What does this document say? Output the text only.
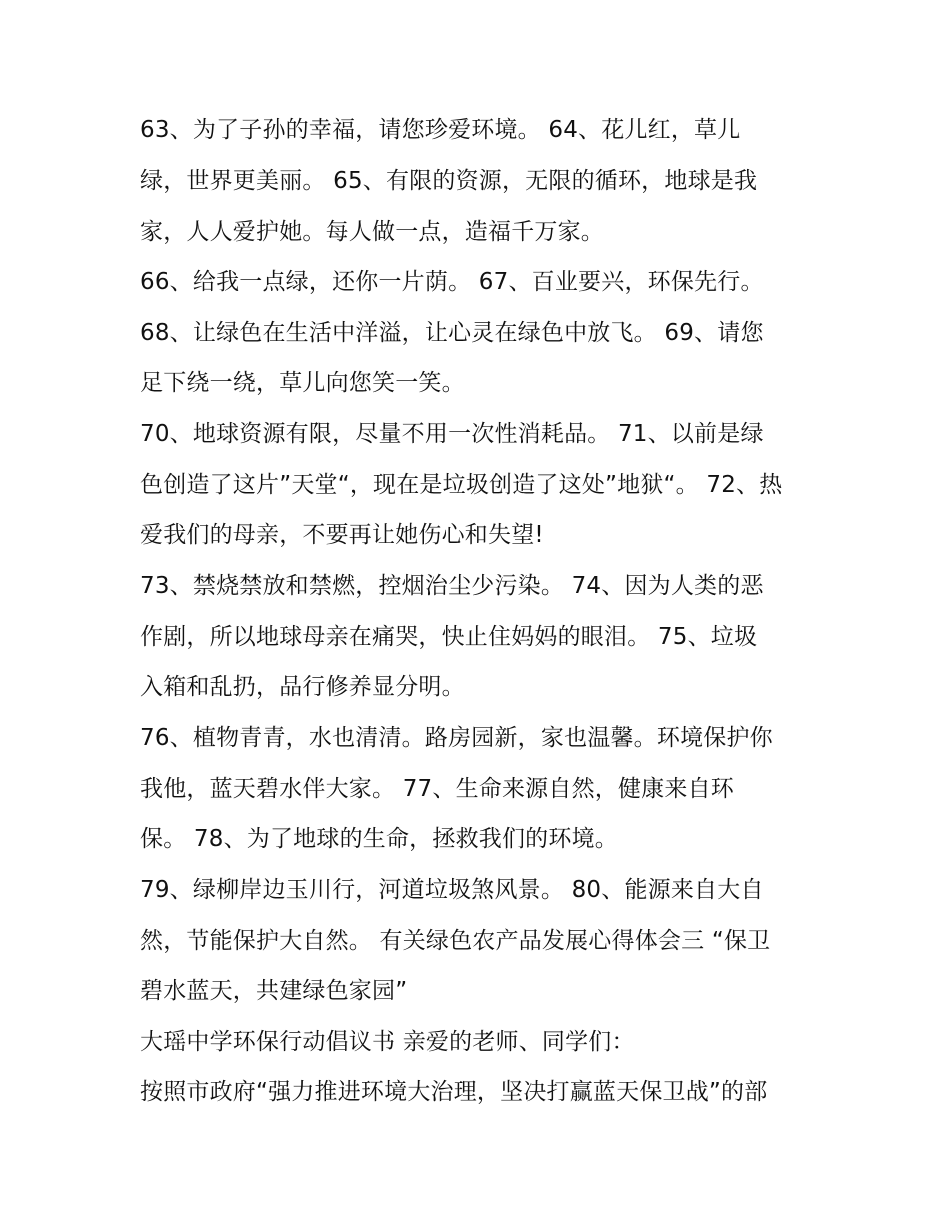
63、为了子孙的幸福，请您珍爱环境。 64、花儿红，草儿
绿，世界更美丽。 65、有限的资源，无限的循环，地球是我
家，人人爱护她。每人做一点，造福千万家。
66、给我一点绿，还你一片荫。 67、百业要兴，环保先行。
68、让绿色在生活中洋溢，让心灵在绿色中放飞。 69、请您
足下绕一绕，草儿向您笑一笑。
70、地球资源有限，尽量不用一次性消耗品。 71、以前是绿
色创造了这片”天堂“，现在是垃圾创造了这处”地狱“。 72、热
爱我们的母亲，不要再让她伤心和失望!
73、禁烧禁放和禁燃，控烟治尘少污染。 74、因为人类的恶
作剧，所以地球母亲在痛哭，快止住妈妈的眼泪。 75、垃圾
入箱和乱扔，品行修养显分明。
76、植物青青，水也清清。路房园新，家也温馨。环境保护你
我他，蓝天碧水伴大家。 77、生命来源自然，健康来自环
保。 78、为了地球的生命，拯救我们的环境。
79、绿柳岸边玉川行，河道垃圾煞风景。 80、能源来自大自
然，节能保护大自然。 有关绿色农产品发展心得体会三 “保卫
碧水蓝天，共建绿色家园”
大瑶中学环保行动倡议书 亲爱的老师、同学们：
按照市政府“强力推进环境大治理，坚决打赢蓝天保卫战”的部
